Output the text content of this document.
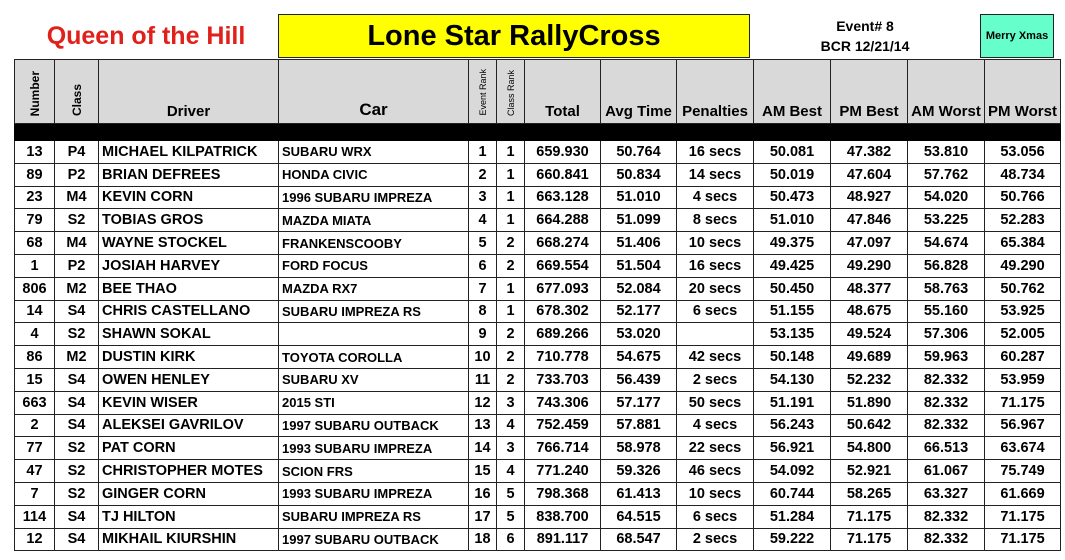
Queen of the Hill	Lone Star RallyCross	Event# 8
BCR 12/21/14
Merry Xmas
Number	Class	Driver	Car	Event Rank	Class Rank	Total	Avg Time	Penalties	AM Best	PM Best	AM Worst	PM Worst

13	P4	MICHAEL KILPATRICK	SUBARU WRX	1	1	659.930	50.764	16 secs	50.081	47.382	53.810	53.056
89	P2	BRIAN DEFREES	HONDA CIVIC	2	1	660.841	50.834	14 secs	50.019	47.604	57.762	48.734
23	M4	KEVIN CORN	1996 SUBARU IMPREZA	3	1	663.128	51.010	4 secs	50.473	48.927	54.020	50.766
79	S2	TOBIAS GROS	MAZDA MIATA	4	1	664.288	51.099	8 secs	51.010	47.846	53.225	52.283
68	M4	WAYNE STOCKEL	FRANKENSCOOBY	5	2	668.274	51.406	10 secs	49.375	47.097	54.674	65.384
1	P2	JOSIAH HARVEY	FORD FOCUS	6	2	669.554	51.504	16 secs	49.425	49.290	56.828	49.290
806	M2	BEE THAO	MAZDA RX7	7	1	677.093	52.084	20 secs	50.450	48.377	58.763	50.762
14	S4	CHRIS CASTELLANO	SUBARU IMPREZA RS	8	1	678.302	52.177	6 secs	51.155	48.675	55.160	53.925
4	S2	SHAWN SOKAL		9	2	689.266	53.020		53.135	49.524	57.306	52.005
86	M2	DUSTIN KIRK	TOYOTA COROLLA	10	2	710.778	54.675	42 secs	50.148	49.689	59.963	60.287
15	S4	OWEN HENLEY	SUBARU XV	11	2	733.703	56.439	2 secs	54.130	52.232	82.332	53.959
663	S4	KEVIN WISER	2015 STI	12	3	743.306	57.177	50 secs	51.191	51.890	82.332	71.175
2	S4	ALEKSEI GAVRILOV	1997 SUBARU OUTBACK	13	4	752.459	57.881	4 secs	56.243	50.642	82.332	56.967
77	S2	PAT CORN	1993 SUBARU IMPREZA	14	3	766.714	58.978	22 secs	56.921	54.800	66.513	63.674
47	S2	CHRISTOPHER MOTES	SCION FRS	15	4	771.240	59.326	46 secs	54.092	52.921	61.067	75.749
7	S2	GINGER CORN	1993 SUBARU IMPREZA	16	5	798.368	61.413	10 secs	60.744	58.265	63.327	61.669
114	S4	TJ HILTON	SUBARU IMPREZA RS	17	5	838.700	64.515	6 secs	51.284	71.175	82.332	71.175
12	S4	MIKHAIL KIURSHIN	1997 SUBARU OUTBACK	18	6	891.117	68.547	2 secs	59.222	71.175	82.332	71.175
